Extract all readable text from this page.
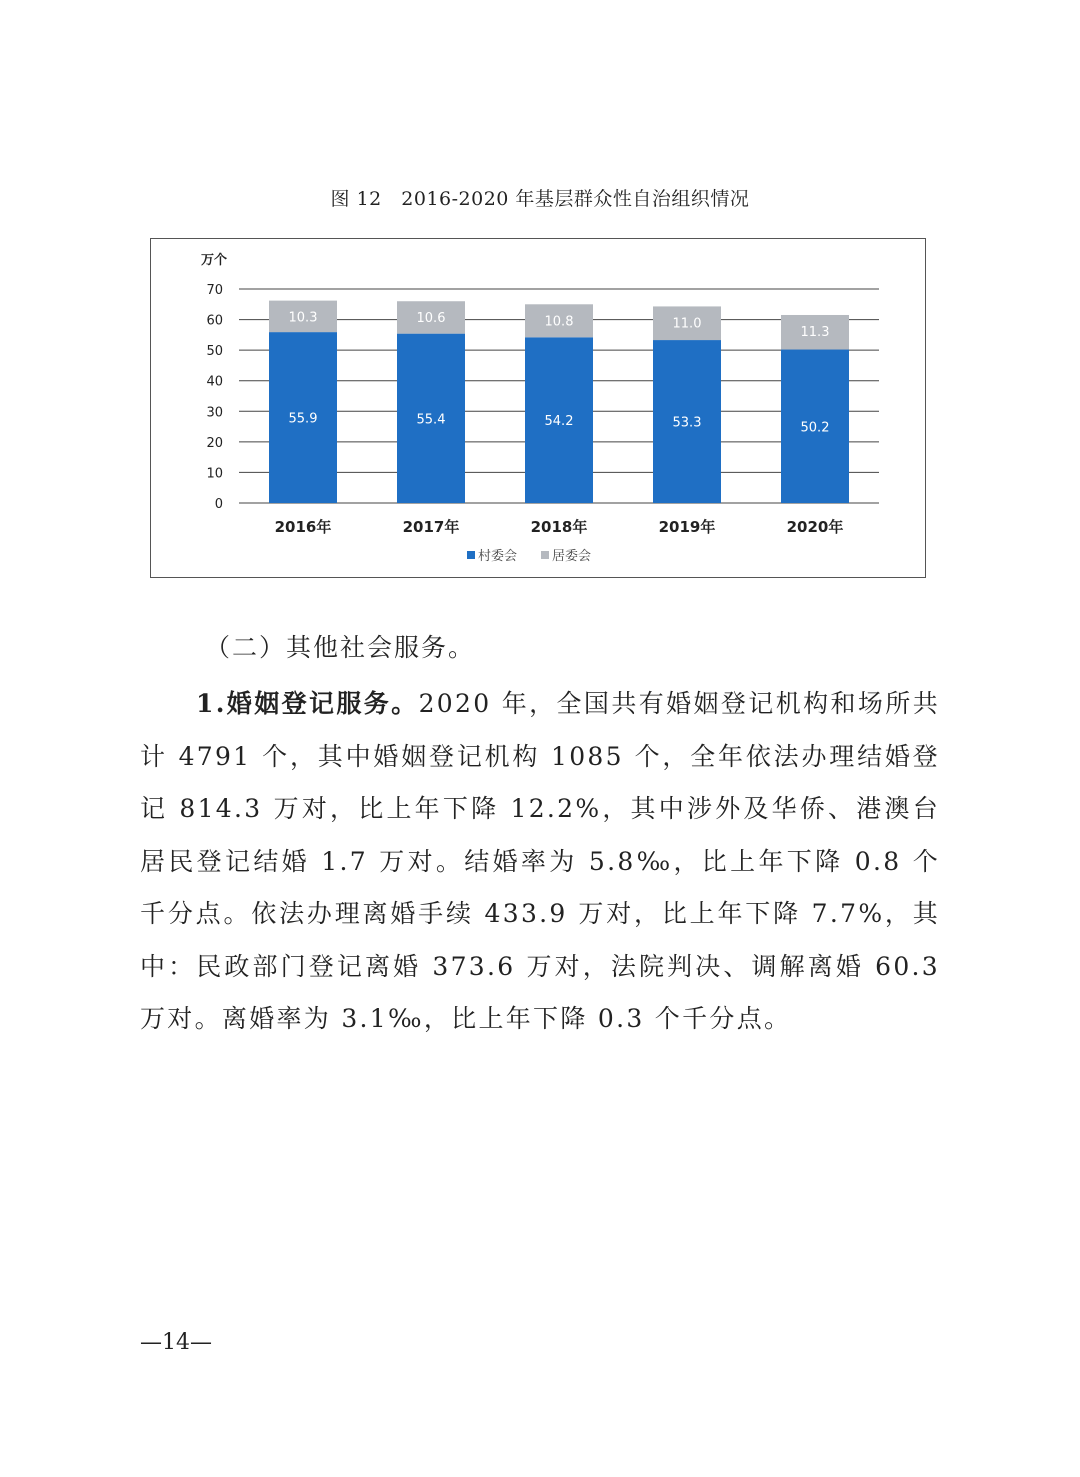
图 12　2016-2020 年基层群众性自治组织情况
万个
0
10
20
30
40
50
60
70
55.9
10.3
2016年
55.4
10.6
2017年
54.2
10.8
2018年
53.3
11.0
2019年
50.2
11.3
2020年
村委会	居委会
（二）其他社会服务。

1.婚姻登记服务。2020 年，全国共有婚姻登记机构和场所共计 4791 个，其中婚姻登记机构 1085 个，全年依法办理结婚登记 814.3 万对，比上年下降 12.2%，其中涉外及华侨、港澳台居民登记结婚 1.7 万对。结婚率为 5.8‰，比上年下降 0.8 个千分点。依法办理离婚手续 433.9 万对，比上年下降 7.7%，其中：民政部门登记离婚 373.6 万对，法院判决、调解离婚 60.3 万对。离婚率为 3.1‰，比上年下降 0.3 个千分点。

—14—
